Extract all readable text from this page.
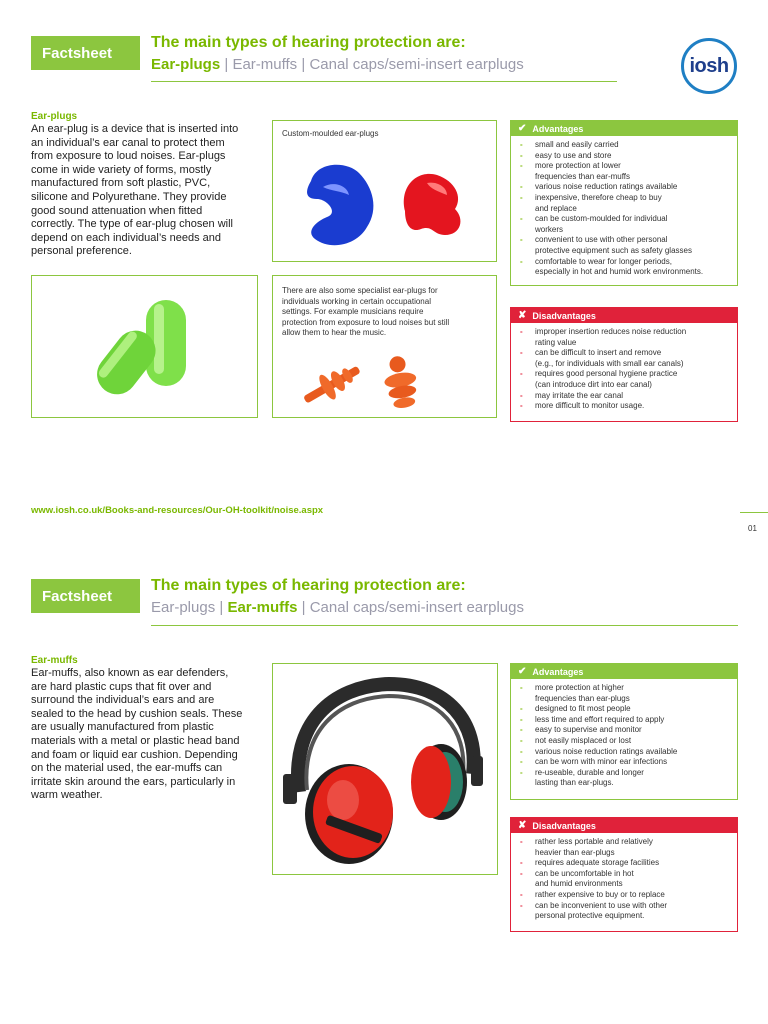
Factsheet
The main types of hearing protection are:
Ear-plugs | Ear-muffs | Canal caps/semi-insert earplugs	iosh
Ear-plugs
An ear-plug is a device that is inserted into an individual’s ear canal to protect them from exposure to loud noises. Ear-plugs come in wide variety of forms, mostly manufactured from soft plastic, PVC, silicone and Polyurethane. They provide good sound attenuation when fitted correctly. The type of ear-plug chosen will depend on each individual’s needs and personal preference.
Custom-moulded ear-plugs
There are also some specialist ear-plugs for individuals working in certain occupational settings. For example musicians require protection from exposure to loud noises but still allow them to hear the music.
✔ Advantages
- small and easily carried
- easy to use and store
- more protection at lower
frequencies than ear-muffs
- various noise reduction ratings available
- inexpensive, therefore cheap to buy
and replace
- can be custom-moulded for individual
workers
- convenient to use with other personal
protective equipment such as safety glasses
- comfortable to wear for longer periods,
especially in hot and humid work environments.
✘ Disadvantages
- improper insertion reduces noise reduction
rating value
- can be difficult to insert and remove
(e.g., for individuals with small ear canals)
- requires good personal hygiene practice
(can introduce dirt into ear canal)
- may irritate the ear canal
- more difficult to monitor usage.
www.iosh.co.uk/Books-and-resources/Our-OH-toolkit/noise.aspx
01
Factsheet
The main types of hearing protection are:
Ear-plugs | Ear-muffs | Canal caps/semi-insert earplugs
Ear-muffs
Ear-muffs, also known as ear defenders, are hard plastic cups that fit over and surround the individual’s ears and are sealed to the head by cushion seals. These are usually manufactured from plastic materials with a metal or plastic head band and foam or liquid ear cushion. Depending on the material used, the ear-muffs can irritate skin around the ears, particularly in warm weather.
✔ Advantages
- more protection at higher
frequencies than ear-plugs
- designed to fit most people
- less time and effort required to apply
- easy to supervise and monitor
- not easily misplaced or lost
- various noise reduction ratings available
- can be worn with minor ear infections
- re-useable, durable and longer
lasting than ear-plugs.
✘ Disadvantages
- rather less portable and relatively
heavier than ear-plugs
- requires adequate storage facilities
- can be uncomfortable in hot
and humid environments
- rather expensive to buy or to replace
- can be inconvenient to use with other
personal protective equipment.
